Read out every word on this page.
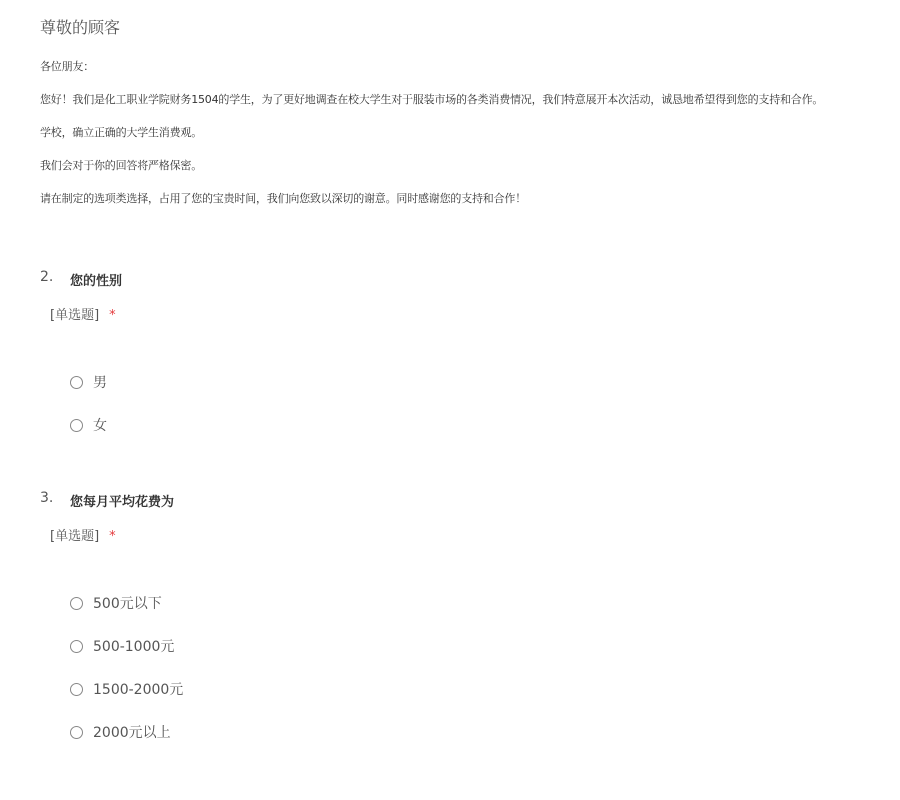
尊敬的顾客
各位朋友：
您好！我们是化工职业学院财务1504的学生，为了更好地调查在校大学生对于服装市场的各类消费情况，我们特意展开本次活动，诚恳地希望得到您的支持和合作。
学校，确立正确的大学生消费观。
我们会对于你的回答将严格保密。
请在制定的选项类选择，占用了您的宝贵时间，我们向您致以深切的谢意。同时感谢您的支持和合作！
2. 您的性别
[单选题] *
男
女
3. 您每月平均花费为
[单选题] *
500元以下
500-1000元
1500-2000元
2000元以上
